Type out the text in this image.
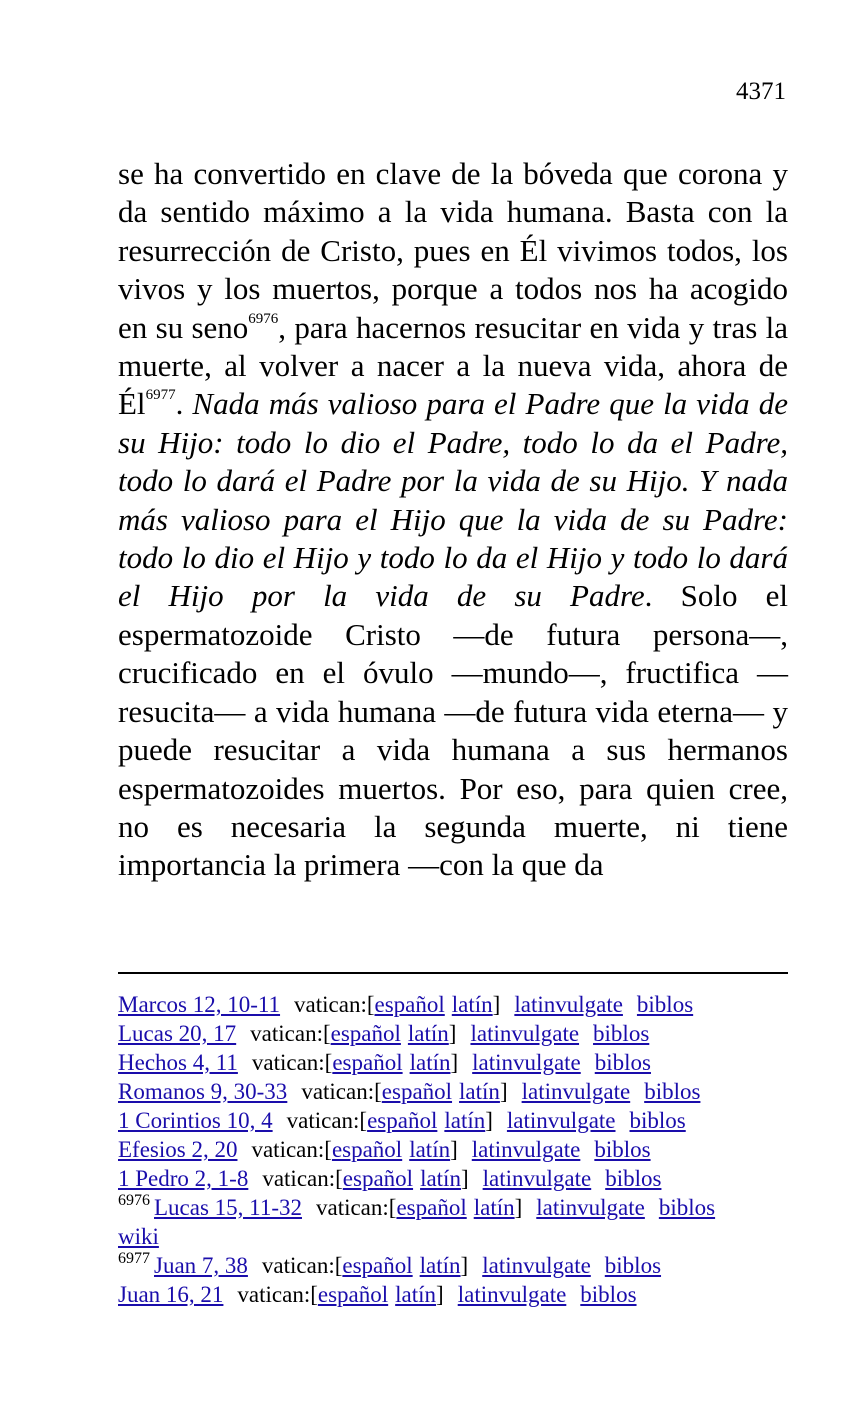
4371
se ha convertido en clave de la bóveda que corona y da sentido máximo a la vida humana. Basta con la resurrección de Cristo, pues en Él vivimos todos, los vivos y los muertos, porque a todos nos ha acogido en su seno$^{6976}$, para hacernos resucitar en vida y tras la muerte, al volver a nacer a la nueva vida, ahora de $Él^{6977}$. Nada más valioso para el Padre que la vida de su Hijo: todo lo dio el Padre, todo lo da el Padre, todo lo dará el Padre por la vida de su Hijo. Y nada más valioso para el Hijo que la vida de su Padre: todo lo dio el Hijo y todo lo da el Hijo y todo lo dará el Hijo por la vida de su Padre. Solo el espermatozoide Cristo —de futura persona—, crucificado en el óvulo —mundo—, fructifica —resucita— a vida humana —de futura vida eterna— y puede resucitar a vida humana a sus hermanos espermatozoides muertos. Por eso, para quien cree, no es necesaria la segunda muerte, ni tiene importancia la primera —con la que da
Marcos 12, 10-11 vatican:[español latín] latinvulgate biblos
Lucas 20, 17 vatican:[español latín] latinvulgate biblos
Hechos 4, 11 vatican:[español latín] latinvulgate biblos
Romanos 9, 30-33 vatican:[español latín] latinvulgate biblos
1 Corintios 10, 4 vatican:[español latín] latinvulgate biblos
Efesios 2, 20 vatican:[español latín] latinvulgate biblos
1 Pedro 2, 1-8 vatican:[español latín] latinvulgate biblos
$^{6976}$ Lucas 15, 11-32 vatican:[español latín] latinvulgate biblos
wiki
$^{6977}$ Juan 7, 38 vatican:[español latín] latinvulgate biblos
Juan 16, 21 vatican:[español latín] latinvulgate biblos
